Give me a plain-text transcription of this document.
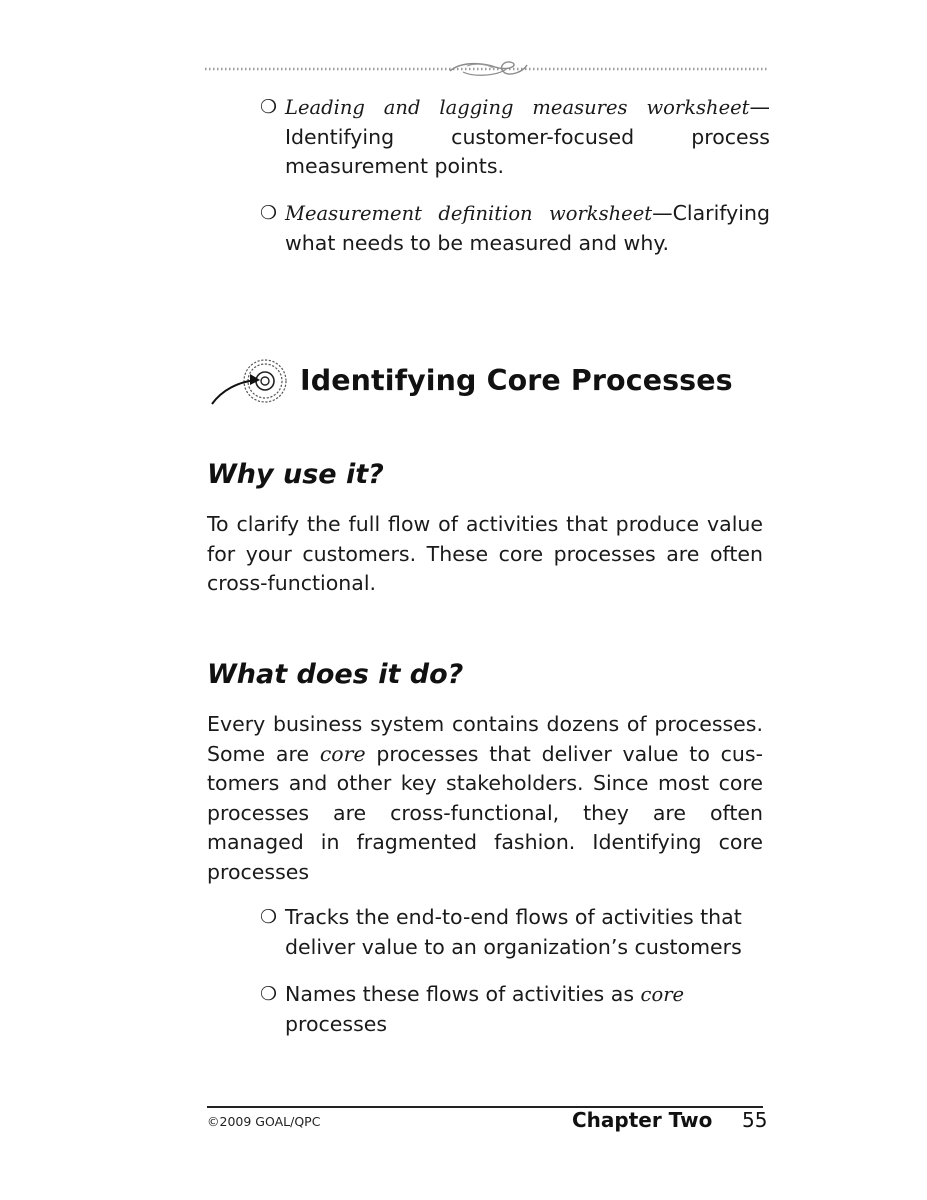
❍ Leading and lagging measures worksheet—Identifying customer-focused process measurement points.
❍ Measurement definition worksheet—Clarifying what needs to be measured and why.
Identifying Core Processes
Why use it?
To clarify the full flow of activities that produce value for your customers. These core processes are often cross-functional.
What does it do?
Every business system contains dozens of processes. Some are core processes that deliver value to customers and other key stakeholders. Since most core processes are cross-functional, they are often managed in fragmented fashion. Identifying core processes
❍ Tracks the end-to-end flows of activities that deliver value to an organization’s customers
❍ Names these flows of activities as core processes
©2009 GOAL/QPC	Chapter Two 55
